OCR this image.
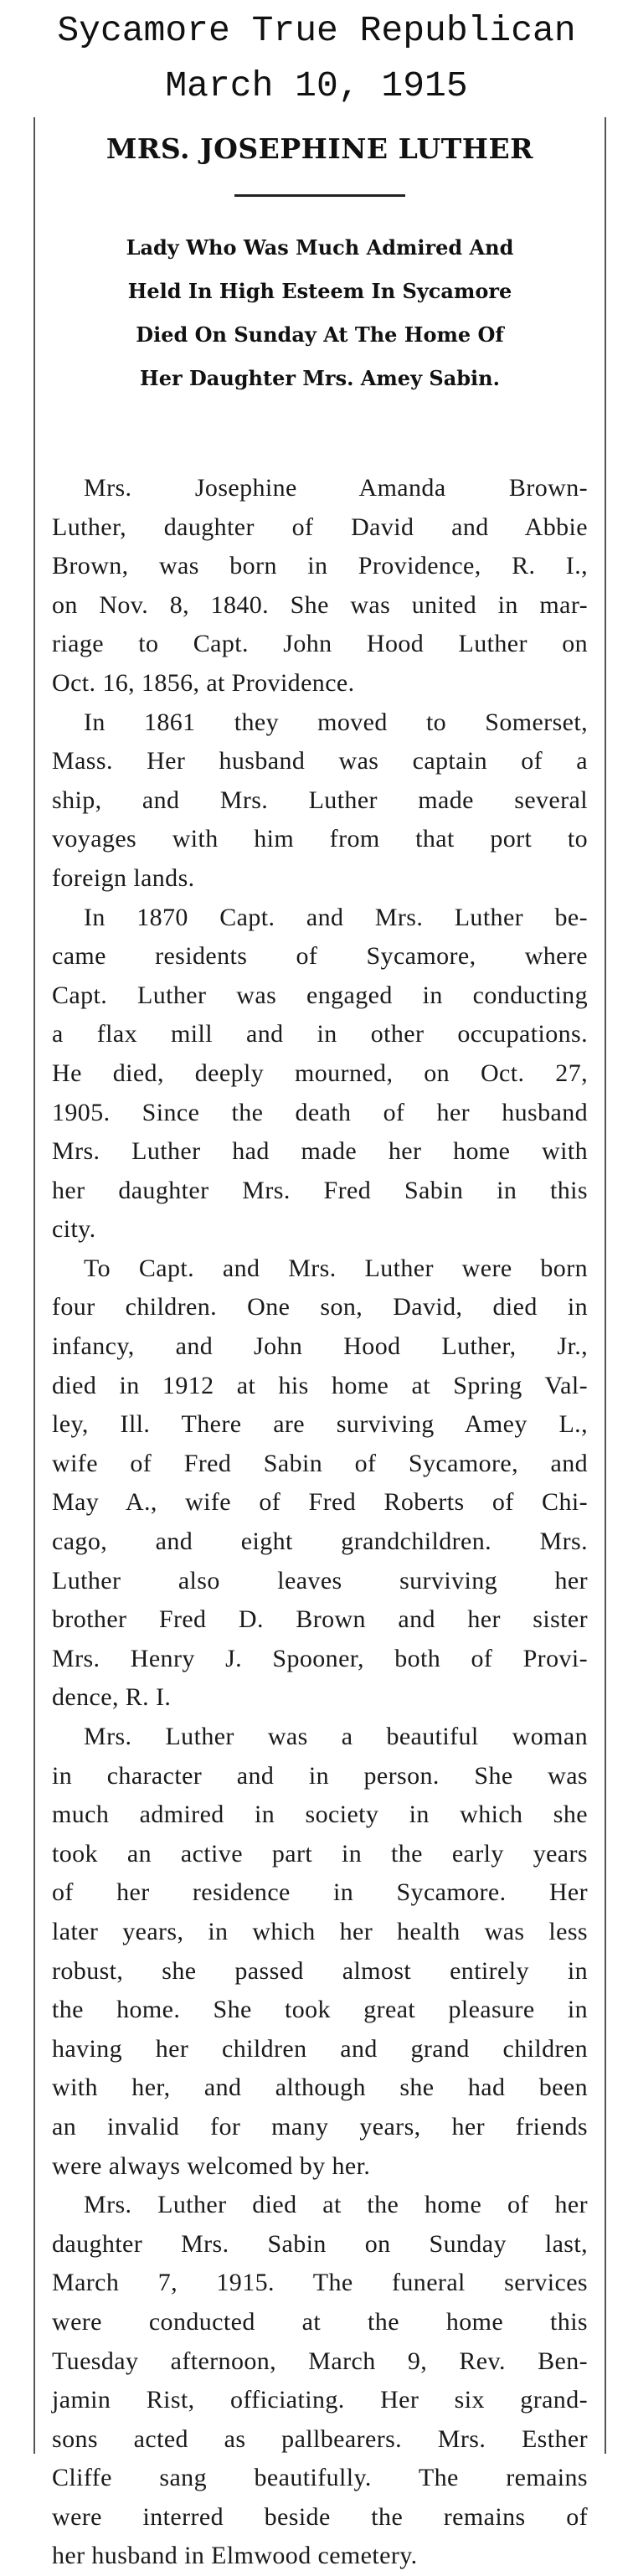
Sycamore True Republican
March 10, 1915
MRS. JOSEPHINE LUTHER
Lady Who Was Much Admired And
Held In High Esteem In Sycamore
Died On Sunday At The Home Of
Her Daughter Mrs. Amey Sabin.
Mrs. Josephine Amanda Brown-
Luther, daughter of David and Abbie
Brown, was born in Providence, R. I.,
on Nov. 8, 1840. She was united in mar-
riage to Capt. John Hood Luther on
Oct. 16, 1856, at Providence.
In 1861 they moved to Somerset,
Mass. Her husband was captain of a
ship, and Mrs. Luther made several
voyages with him from that port to
foreign lands.
In 1870 Capt. and Mrs. Luther be-
came residents of Sycamore, where
Capt. Luther was engaged in conducting
a flax mill and in other occupations.
He died, deeply mourned, on Oct. 27,
1905. Since the death of her husband
Mrs. Luther had made her home with
her daughter Mrs. Fred Sabin in this
city.
To Capt. and Mrs. Luther were born
four children. One son, David, died in
infancy, and John Hood Luther, Jr.,
died in 1912 at his home at Spring Val-
ley, Ill. There are surviving Amey L.,
wife of Fred Sabin of Sycamore, and
May A., wife of Fred Roberts of Chi-
cago, and eight grandchildren. Mrs.
Luther also leaves surviving her
brother Fred D. Brown and her sister
Mrs. Henry J. Spooner, both of Provi-
dence, R. I.
Mrs. Luther was a beautiful woman
in character and in person. She was
much admired in society in which she
took an active part in the early years
of her residence in Sycamore. Her
later years, in which her health was less
robust, she passed almost entirely in
the home. She took great pleasure in
having her children and grand children
with her, and although she had been
an invalid for many years, her friends
were always welcomed by her.
Mrs. Luther died at the home of her
daughter Mrs. Sabin on Sunday last,
March 7, 1915. The funeral services
were conducted at the home this
Tuesday afternoon, March 9, Rev. Ben-
jamin Rist, officiating. Her six grand-
sons acted as pallbearers. Mrs. Esther
Cliffe sang beautifully. The remains
were interred beside the remains of
her husband in Elmwood cemetery.
